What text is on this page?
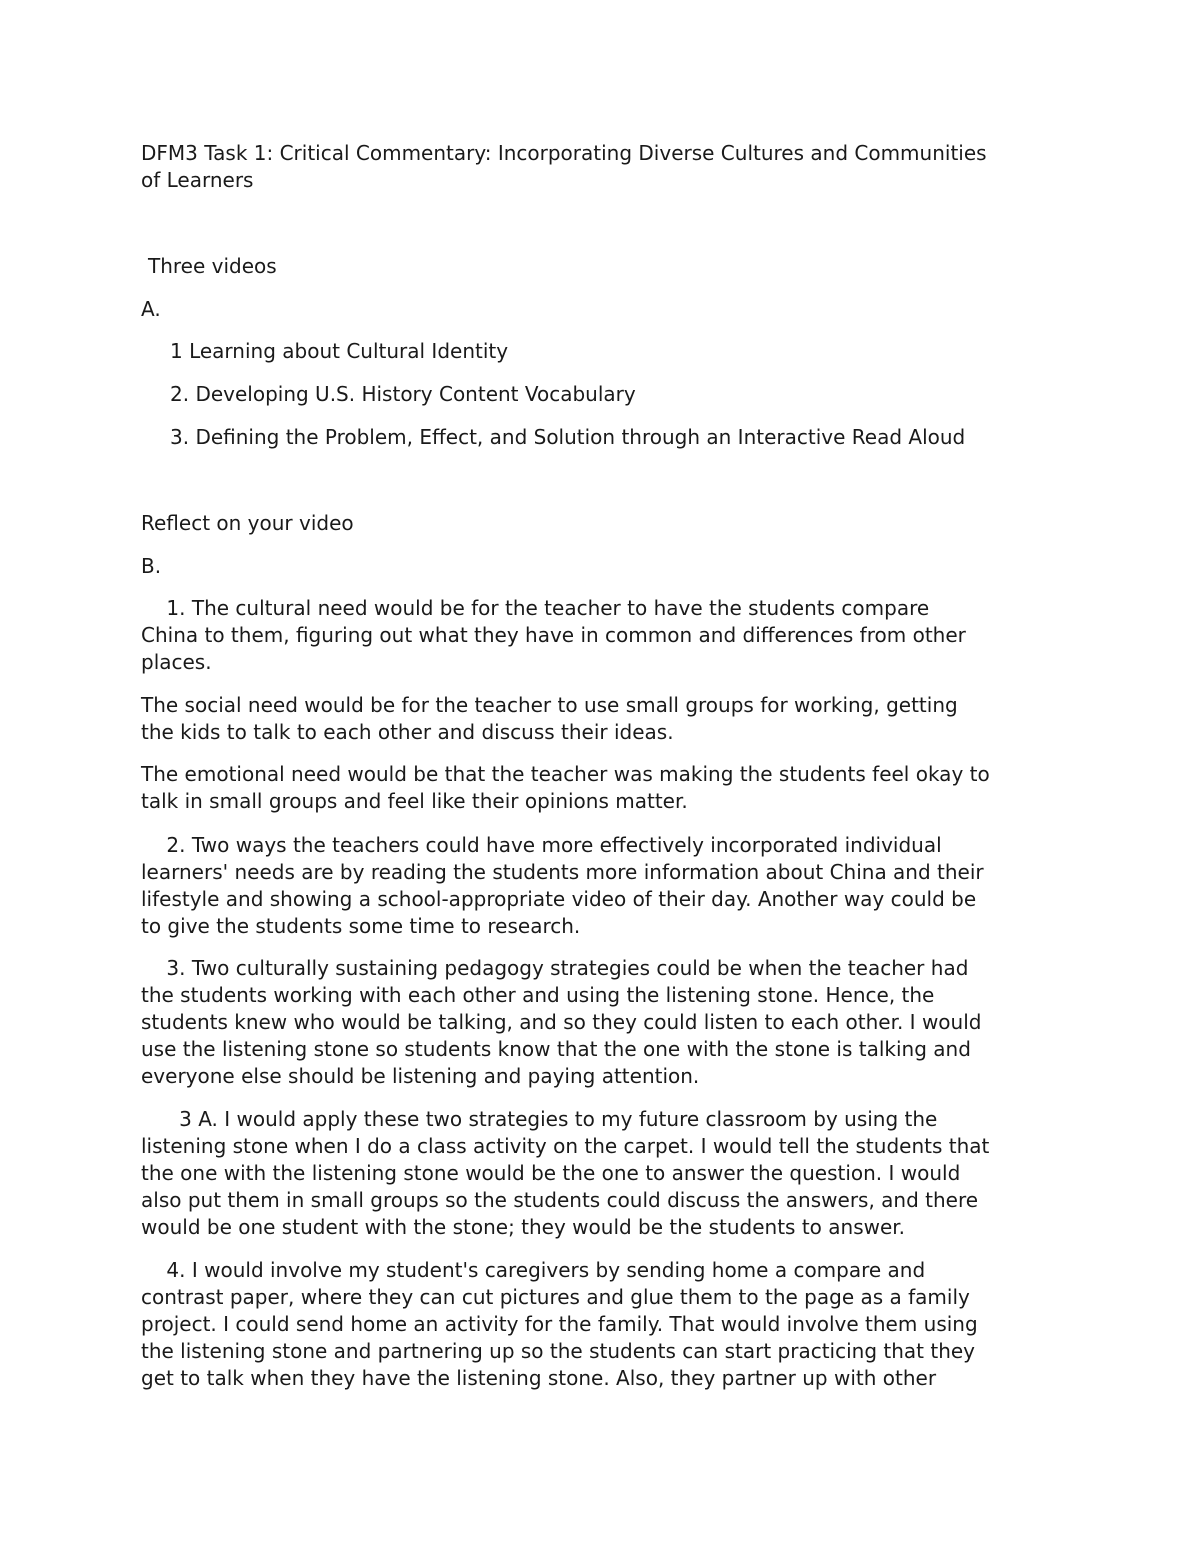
DFM3 Task 1: Critical Commentary: Incorporating Diverse Cultures and Communities
of Learners
Three videos
A.
1 Learning about Cultural Identity
2. Developing U.S. History Content Vocabulary
3. Defining the Problem, Effect, and Solution through an Interactive Read Aloud
Reflect on your video
B.
1. The cultural need would be for the teacher to have the students compare
China to them, figuring out what they have in common and differences from other
places.
The social need would be for the teacher to use small groups for working, getting
the kids to talk to each other and discuss their ideas.
The emotional need would be that the teacher was making the students feel okay to
talk in small groups and feel like their opinions matter.
2. Two ways the teachers could have more effectively incorporated individual
learners' needs are by reading the students more information about China and their
lifestyle and showing a school-appropriate video of their day. Another way could be
to give the students some time to research.
3. Two culturally sustaining pedagogy strategies could be when the teacher had
the students working with each other and using the listening stone. Hence, the
students knew who would be talking, and so they could listen to each other. I would
use the listening stone so students know that the one with the stone is talking and
everyone else should be listening and paying attention.
3 A. I would apply these two strategies to my future classroom by using the
listening stone when I do a class activity on the carpet. I would tell the students that
the one with the listening stone would be the one to answer the question. I would
also put them in small groups so the students could discuss the answers, and there
would be one student with the stone; they would be the students to answer.
4. I would involve my student's caregivers by sending home a compare and
contrast paper, where they can cut pictures and glue them to the page as a family
project. I could send home an activity for the family. That would involve them using
the listening stone and partnering up so the students can start practicing that they
get to talk when they have the listening stone. Also, they partner up with other
